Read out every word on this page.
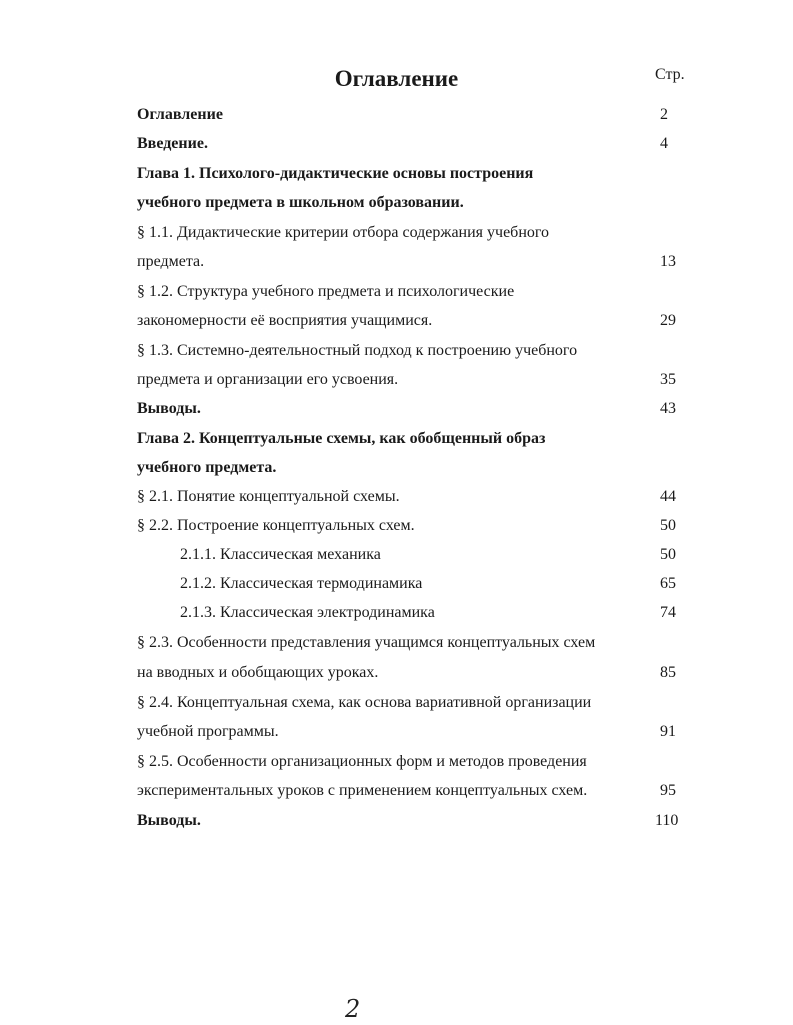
Оглавление	Стр.
Оглавление	2
Введение.	4
Глава 1. Психолого-дидактические основы построения
учебного предмета в школьном образовании.
§ 1.1. Дидактические критерии отбора содержания учебного
предмета.	13
§ 1.2. Структура учебного предмета и психологические
закономерности её восприятия учащимися.	29
§ 1.3. Системно-деятельностный подход к построению учебного
предмета и организации его усвоения.	35
Выводы.	43
Глава 2. Концептуальные схемы, как обобщенный образ
учебного предмета.
§ 2.1. Понятие концептуальной схемы.	44
§ 2.2. Построение концептуальных схем.	50
2.1.1. Классическая механика	50
2.1.2. Классическая термодинамика	65
2.1.3. Классическая электродинамика	74
§ 2.3. Особенности представления учащимся концептуальных схем
на вводных и обобщающих уроках.	85
§ 2.4. Концептуальная схема, как основа вариативной организации
учебной программы.	91
§ 2.5. Особенности организационных форм и методов проведения
экспериментальных уроков с применением концептуальных схем.	95
Выводы.	110
2
